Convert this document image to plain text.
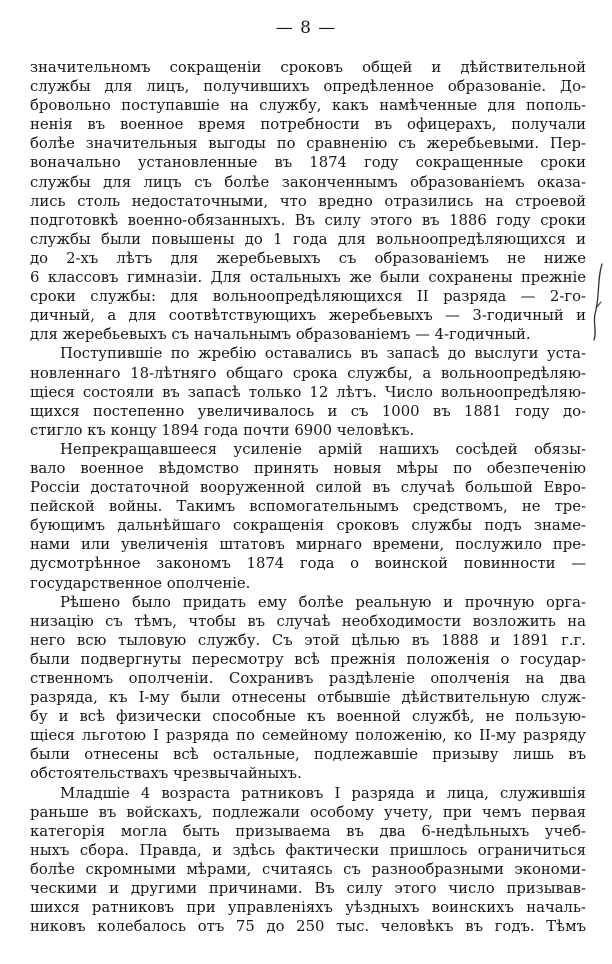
— 8 —
значительномъ сокращеніи сроковъ общей и дѣйствительной
службы для лицъ, получившихъ опредѣленное образованіе. До-
бровольно поступавшіе на службу, какъ намѣченные для пополь-
ненія въ военное время потребности въ офицерахъ, получали
болѣе значительныя выгоды по сравненію съ жеребьевыми. Пер-
воначально установленные въ 1874 году сокращенные сроки
службы для лицъ съ болѣе законченнымъ образованіемъ оказа-
лись столь недостаточными, что вредно отразились на строевой
подготовкѣ военно-обязанныхъ. Въ силу этого въ 1886 году сроки
службы были повышены до 1 года для вольноопредѣляющихся и
до 2-хъ лѣтъ для жеребьевыхъ съ образованіемъ не ниже
6 классовъ гимназіи. Для остальныхъ же были сохранены прежніе
сроки службы: для вольноопредѣляющихся II разряда — 2-го-
дичный, а для соотвѣтствующихъ жеребьевыхъ — 3-годичный и
для жеребьевыхъ съ начальнымъ образованіемъ — 4-годичный.
Поступившіе по жребію оставались въ запасѣ до выслуги уста-
новленнаго 18-лѣтняго общаго срока службы, а вольноопредѣляю-
щіеся состояли въ запасѣ только 12 лѣтъ. Число вольноопредѣляю-
щихся постепенно увеличивалось и съ 1000 въ 1881 году до-
стигло къ концу 1894 года почти 6900 человѣкъ.
Непрекращавшееся усиленіе армій нашихъ сосѣдей обязы-
вало военное вѣдомство принять новыя мѣры по обезпеченію
Россіи достаточной вооруженной силой въ случаѣ большой Евро-
пейской войны. Такимъ вспомогательнымъ средствомъ, не тре-
бующимъ дальнѣйшаго сокращенія сроковъ службы подъ знаме-
нами или увеличенія штатовъ мирнаго времени, послужило пре-
дусмотрѣнное закономъ 1874 года о воинской повинности —
государственное ополченіе.
Рѣшено было придать ему болѣе реальную и прочную орга-
низацію съ тѣмъ, чтобы въ случаѣ необходимости возложить на
него всю тыловую службу. Съ этой цѣлью въ 1888 и 1891 г.г.
были подвергнуты пересмотру всѣ прежнія положенія о государ-
ственномъ ополченіи. Сохранивъ раздѣленіе ополченія на два
разряда, къ I-му были отнесены отбывшіе дѣйствительную служ-
бу и всѣ физически способные къ военной службѣ, не пользую-
щіеся льготою I разряда по семейному положенію, ко II-му разряду
были отнесены всѣ остальные, подлежавшіе призыву лишь въ
обстоятельствахъ чрезвычайныхъ.
Младшіе 4 возраста ратниковъ I разряда и лица, служившія
раньше въ войскахъ, подлежали особому учету, при чемъ первая
категорія могла быть призываема въ два 6-недѣльныхъ учеб-
ныхъ сбора. Правда, и здѣсь фактически пришлось ограничиться
болѣе скромными мѣрами, считаясь съ разнообразными экономи-
ческими и другими причинами. Въ силу этого число призывав-
шихся ратниковъ при управленіяхъ уѣздныхъ воинскихъ началь-
никовъ колебалось отъ 75 до 250 тыс. человѣкъ въ годъ. Тѣмъ
